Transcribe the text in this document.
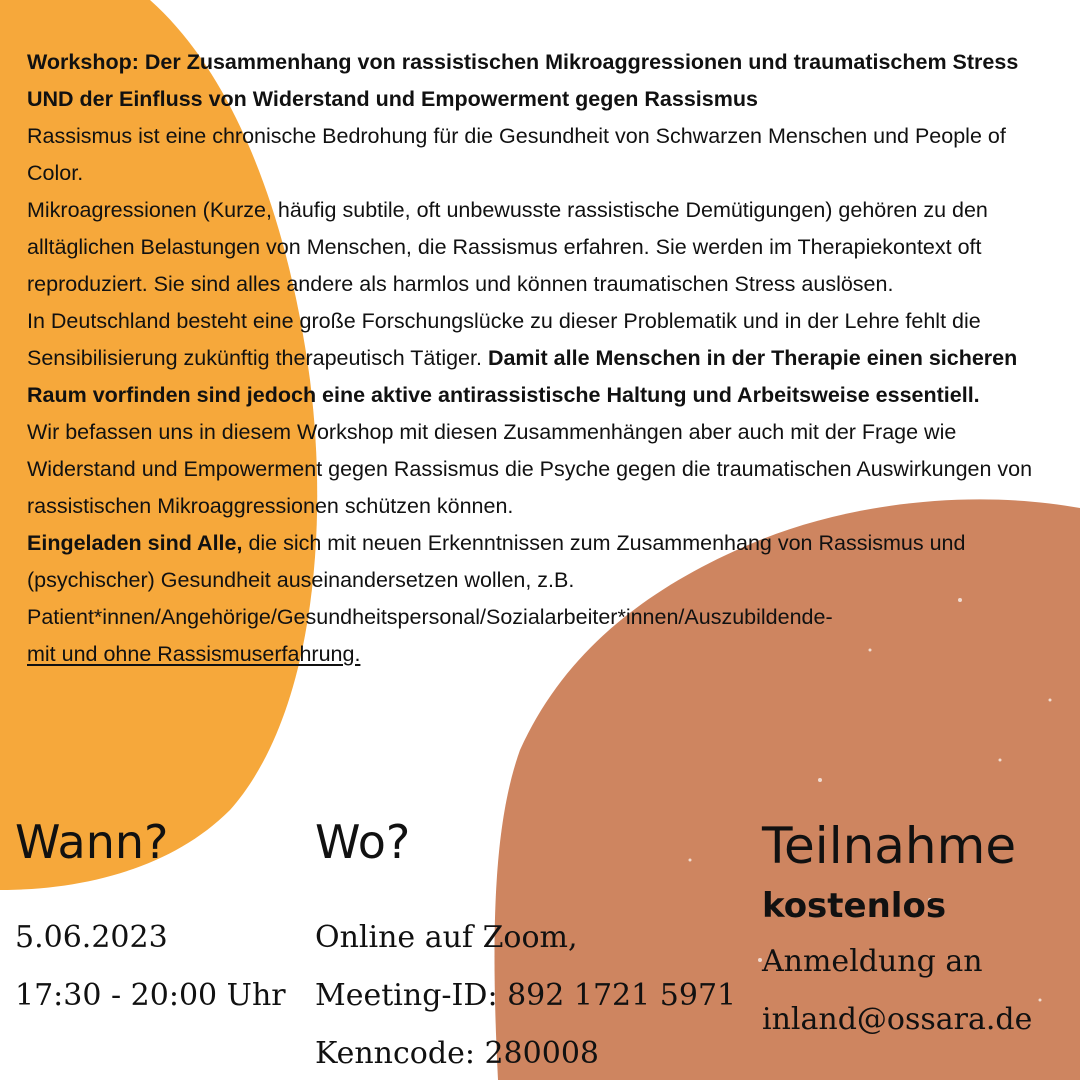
Workshop: Der Zusammenhang von rassistischen Mikroaggressionen und traumatischem Stress UND der Einfluss von Widerstand und Empowerment gegen Rassismus

Rassismus ist eine chronische Bedrohung für die Gesundheit von Schwarzen Menschen und People of Color.

Mikroagressionen (Kurze, häufig subtile, oft unbewusste rassistische Demütigungen) gehören zu den alltäglichen Belastungen von Menschen, die Rassismus erfahren. Sie werden im Therapiekontext oft reproduziert. Sie sind alles andere als harmlos und können traumatischen Stress auslösen.

In Deutschland besteht eine große Forschungslücke zu dieser Problematik und in der Lehre fehlt die Sensibilisierung zukünftig therapeutisch Tätiger. Damit alle Menschen in der Therapie einen sicheren Raum vorfinden sind jedoch eine aktive antirassistische Haltung und Arbeitsweise essentiell.

Wir befassen uns in diesem Workshop mit diesen Zusammenhängen aber auch mit der Frage wie Widerstand und Empowerment gegen Rassismus die Psyche gegen die traumatischen Auswirkungen von rassistischen Mikroaggressionen schützen können.

Eingeladen sind Alle, die sich mit neuen Erkenntnissen zum Zusammenhang von Rassismus und (psychischer) Gesundheit auseinandersetzen wollen, z.B. Patient*innen/Angehörige/Gesundheitspersonal/Sozialarbeiter*innen/Auszubildende-
mit und ohne Rassismuserfahrung.

Wann?
5.06.2023
17:30 - 20:00 Uhr
Wo?
Online auf Zoom,
Meeting-ID: 892 1721 5971
Kenncode: 280008
Teilnahme
kostenlos
Anmeldung an
inland@ossara.de
